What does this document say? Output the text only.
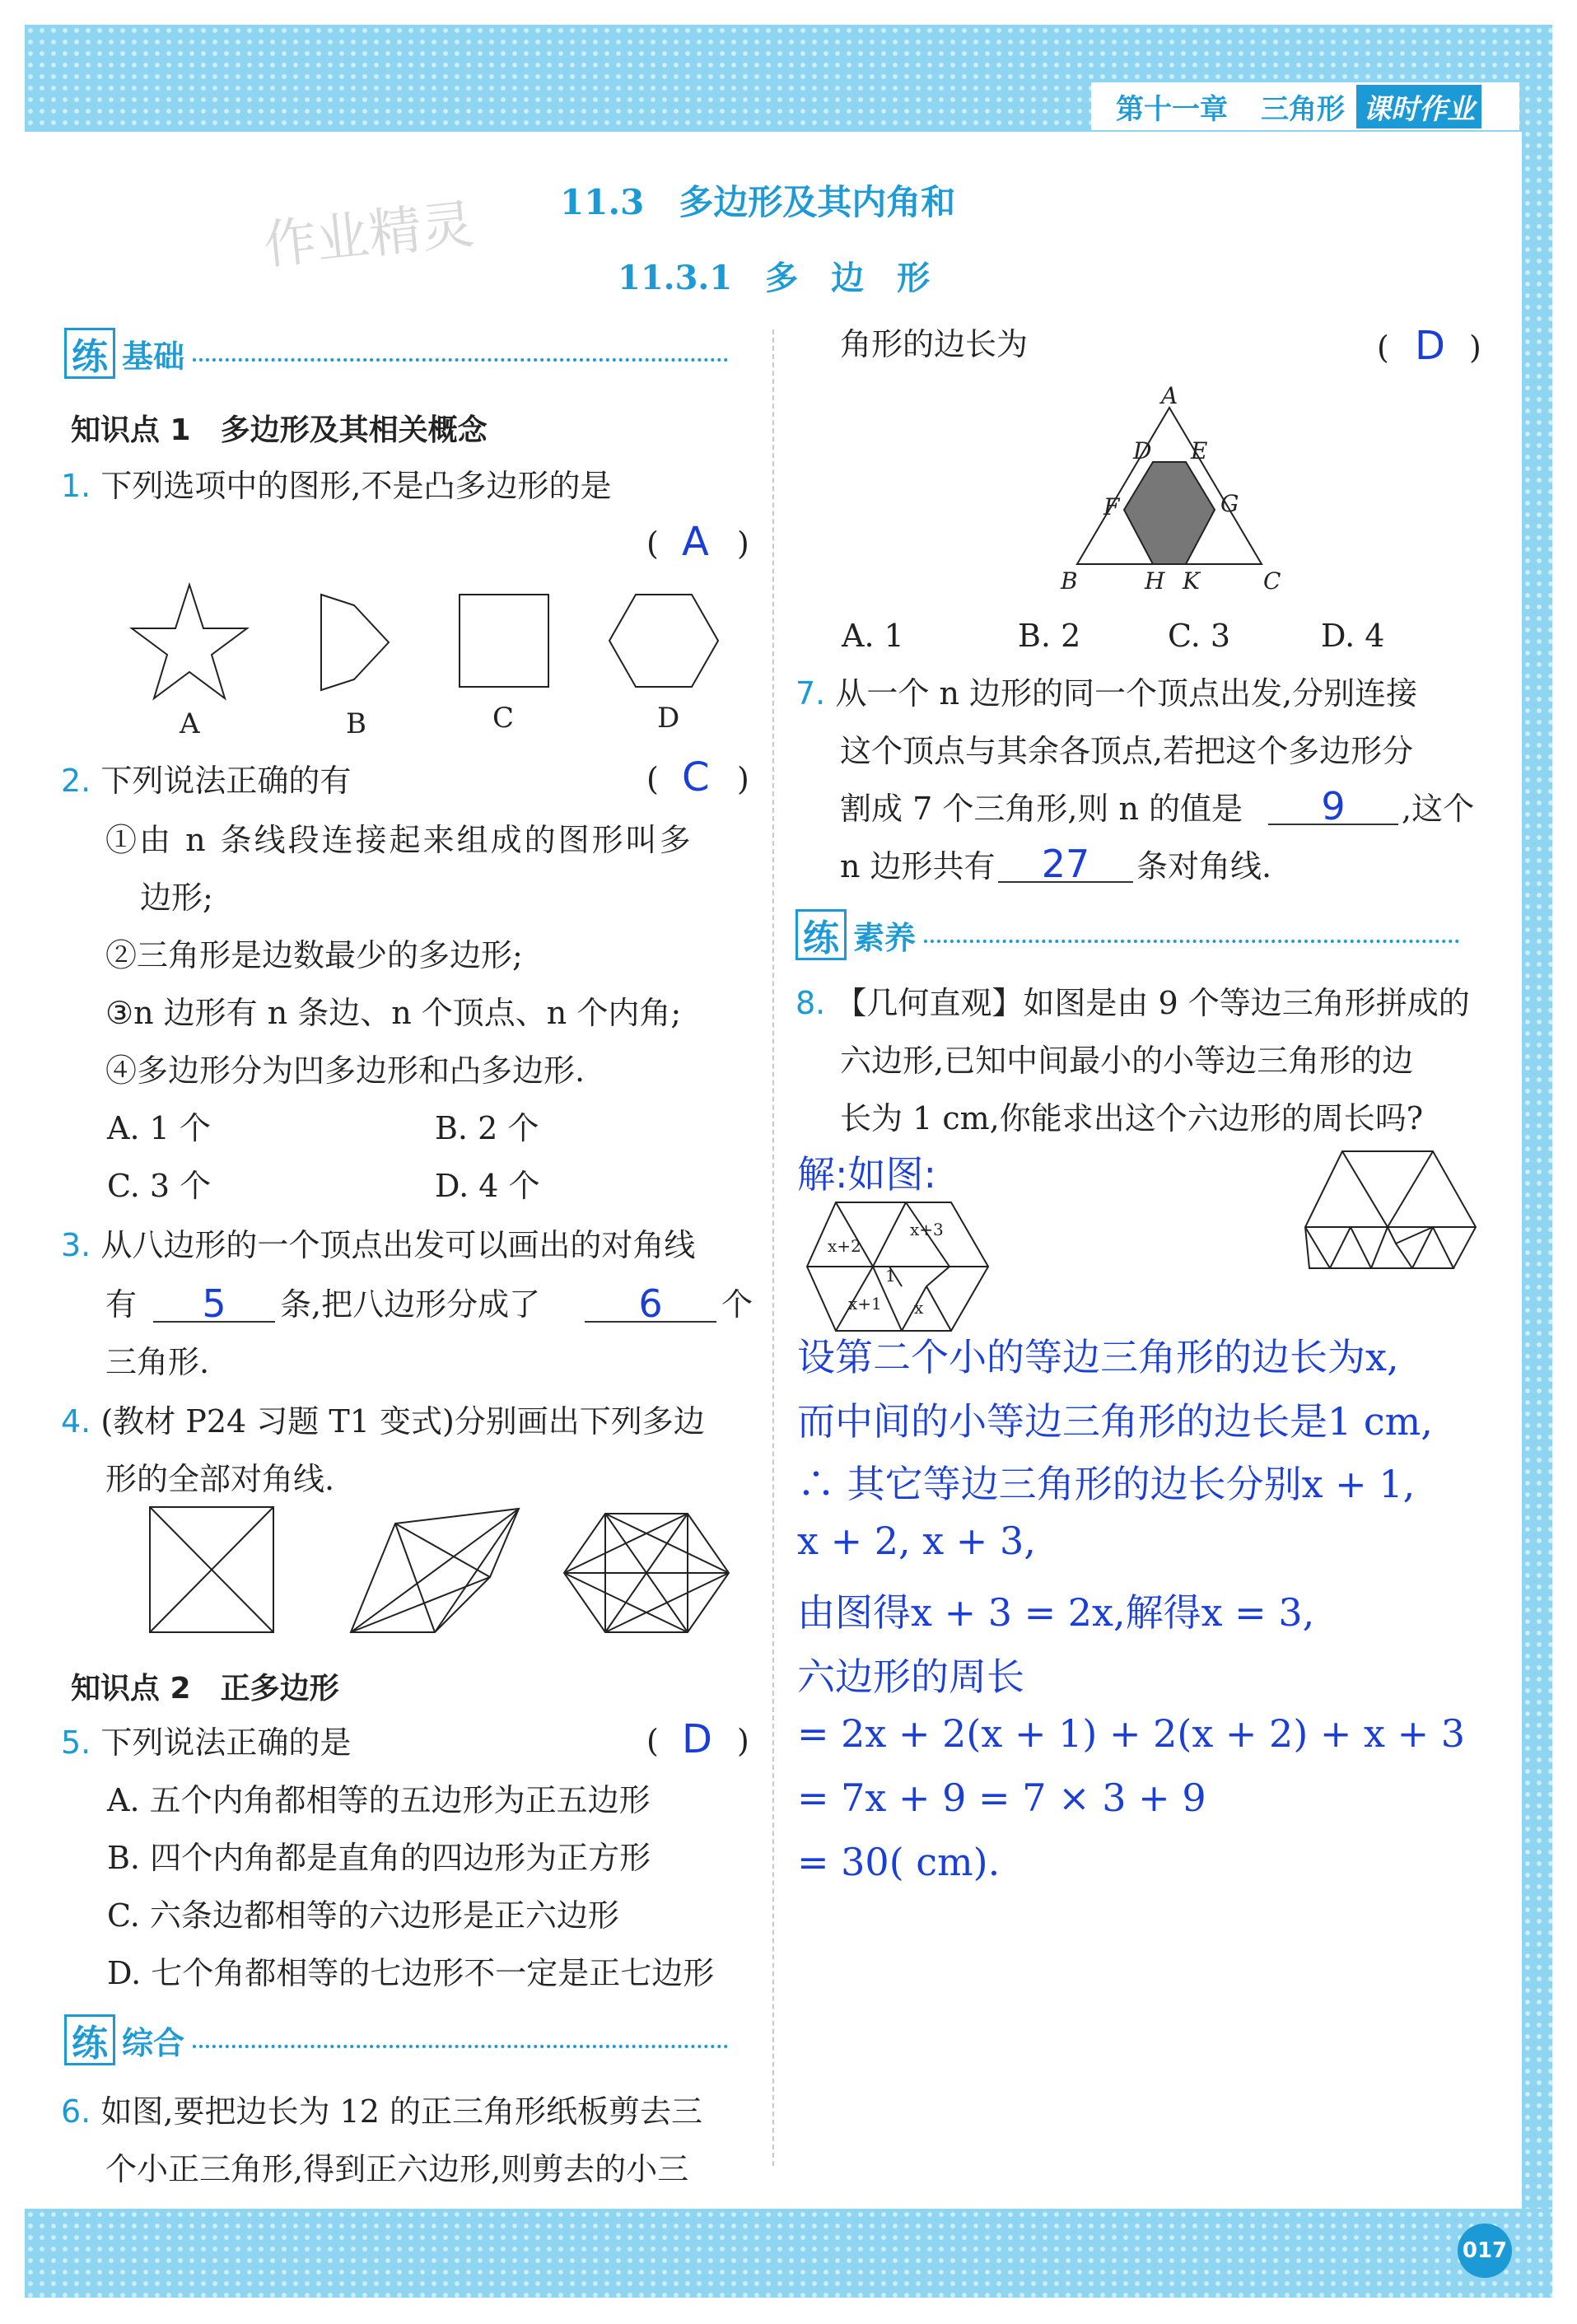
第十一章 三角形 课时作业
11.3　多边形及其内角和
11.3.1　多　边　形
作业精灵
练 基础
知识点 1　多边形及其相关概念
1. 下列选项中的图形,不是凸多边形的是
(	)
A
A	B	C	D
2. 下列说法正确的有	(	)
C
①由 n 条线段连接起来组成的图形叫多
边形;
②三角形是边数最少的多边形;
③n 边形有 n 条边、n 个顶点、n 个内角;
④多边形分为凹多边形和凸多边形.
A. 1 个	B. 2 个
C. 3 个	D. 4 个
3. 从八边形的一个顶点出发可以画出的对角线
有	5	条,把八边形分成了	6	个
三角形.
4. (教材 P24 习题 T1 变式)分别画出下列多边
形的全部对角线.
知识点 2　正多边形
5. 下列说法正确的是	(	)
D
A. 五个内角都相等的五边形为正五边形
B. 四个内角都是直角的四边形为正方形
C. 六条边都相等的六边形是正六边形
D. 七个角都相等的七边形不一定是正七边形
练 综合
6. 如图,要把边长为 12 的正三角形纸板剪去三
个小正三角形,得到正六边形,则剪去的小三
角形的边长为	(	)
D
A
D E
F	G
B	H K	C
A. 1	B. 2	C. 3	D. 4
7. 从一个 n 边形的同一个顶点出发,分别连接
这个顶点与其余各顶点,若把这个多边形分
割成 7 个三角形,则 n 的值是	9	,这个
n 边形共有	27	条对角线.
练 素养
8. 【几何直观】如图是由 9 个等边三角形拼成的
六边形,已知中间最小的小等边三角形的边
长为 1 cm,你能求出这个六边形的周长吗?
解:如图:
x+2
x+3
1
x+1 x
设第二个小的等边三角形的边长为x,
而中间的小等边三角形的边长是1 cm,
∴ 其它等边三角形的边长分别x + 1,
x + 2, x + 3,
由图得x + 3 = 2x,解得x = 3,
六边形的周长
= 2x + 2(x + 1) + 2(x + 2) + x + 3
= 7x + 9 = 7 × 3 + 9
= 30( cm).
017
